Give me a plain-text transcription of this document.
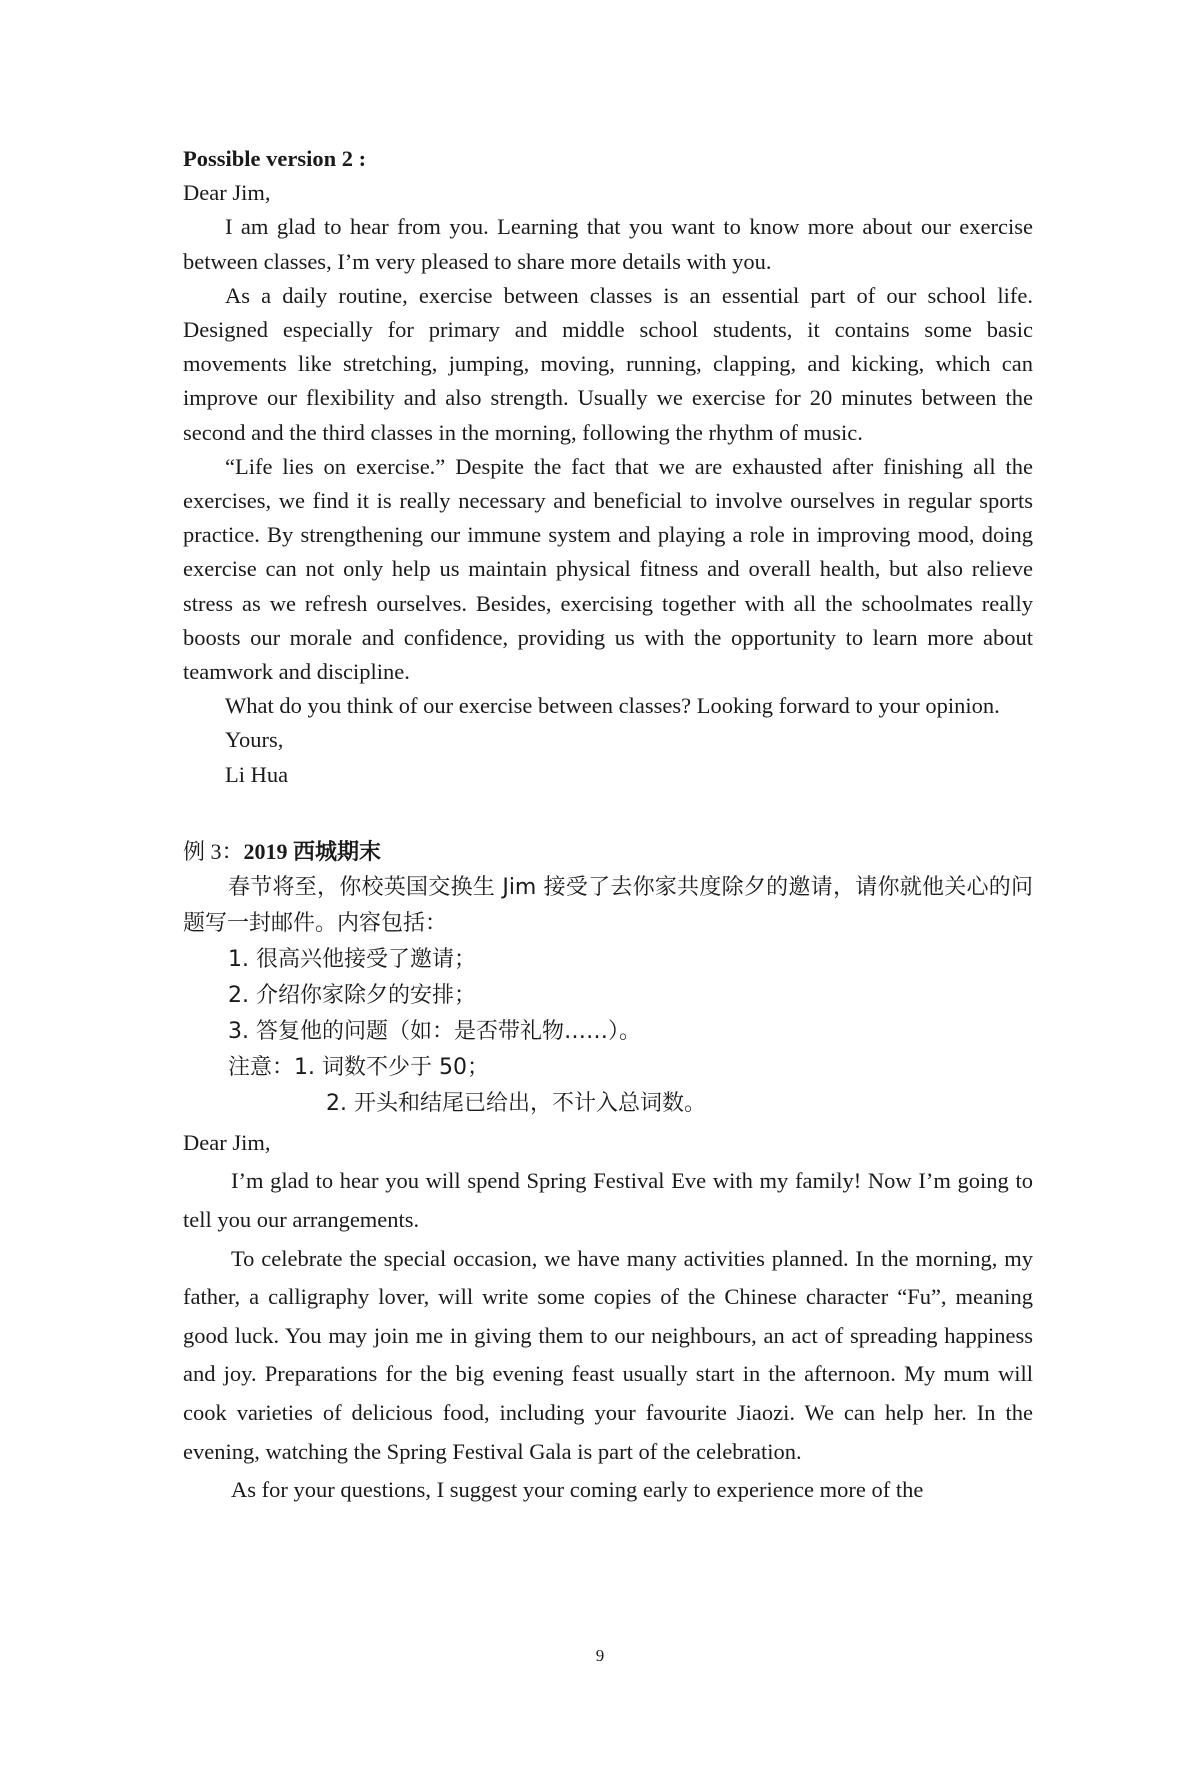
Possible version 2 :

Dear Jim,

I am glad to hear from you. Learning that you want to know more about our exercise between classes, I’m very pleased to share more details with you.

As a daily routine, exercise between classes is an essential part of our school life. Designed especially for primary and middle school students, it contains some basic movements like stretching, jumping, moving, running, clapping, and kicking, which can improve our flexibility and also strength. Usually we exercise for 20 minutes between the second and the third classes in the morning, following the rhythm of music.

“Life lies on exercise.” Despite the fact that we are exhausted after finishing all the exercises, we find it is really necessary and beneficial to involve ourselves in regular sports practice. By strengthening our immune system and playing a role in improving mood, doing exercise can not only help us maintain physical fitness and overall health, but also relieve stress as we refresh ourselves. Besides, exercising together with all the schoolmates really boosts our morale and confidence, providing us with the opportunity to learn more about teamwork and discipline.

What do you think of our exercise between classes? Looking forward to your opinion.

Yours,

Li Hua

例 3：2019 西城期末

春节将至，你校英国交换生 Jim 接受了去你家共度除夕的邀请，请你就他关心的问题写一封邮件。内容包括：

1. 很高兴他接受了邀请；

2. 介绍你家除夕的安排；

3. 答复他的问题（如：是否带礼物……）。

注意：1. 词数不少于 50；

2. 开头和结尾已给出，不计入总词数。

Dear Jim,

I’m glad to hear you will spend Spring Festival Eve with my family! Now I’m going to tell you our arrangements.

To celebrate the special occasion, we have many activities planned. In the morning, my father, a calligraphy lover, will write some copies of the Chinese character “Fu”, meaning good luck. You may join me in giving them to our neighbours, an act of spreading happiness and joy. Preparations for the big evening feast usually start in the afternoon. My mum will cook varieties of delicious food, including your favourite Jiaozi. We can help her. In the evening, watching the Spring Festival Gala is part of the celebration.

As for your questions, I suggest your coming early to experience more of the

9
